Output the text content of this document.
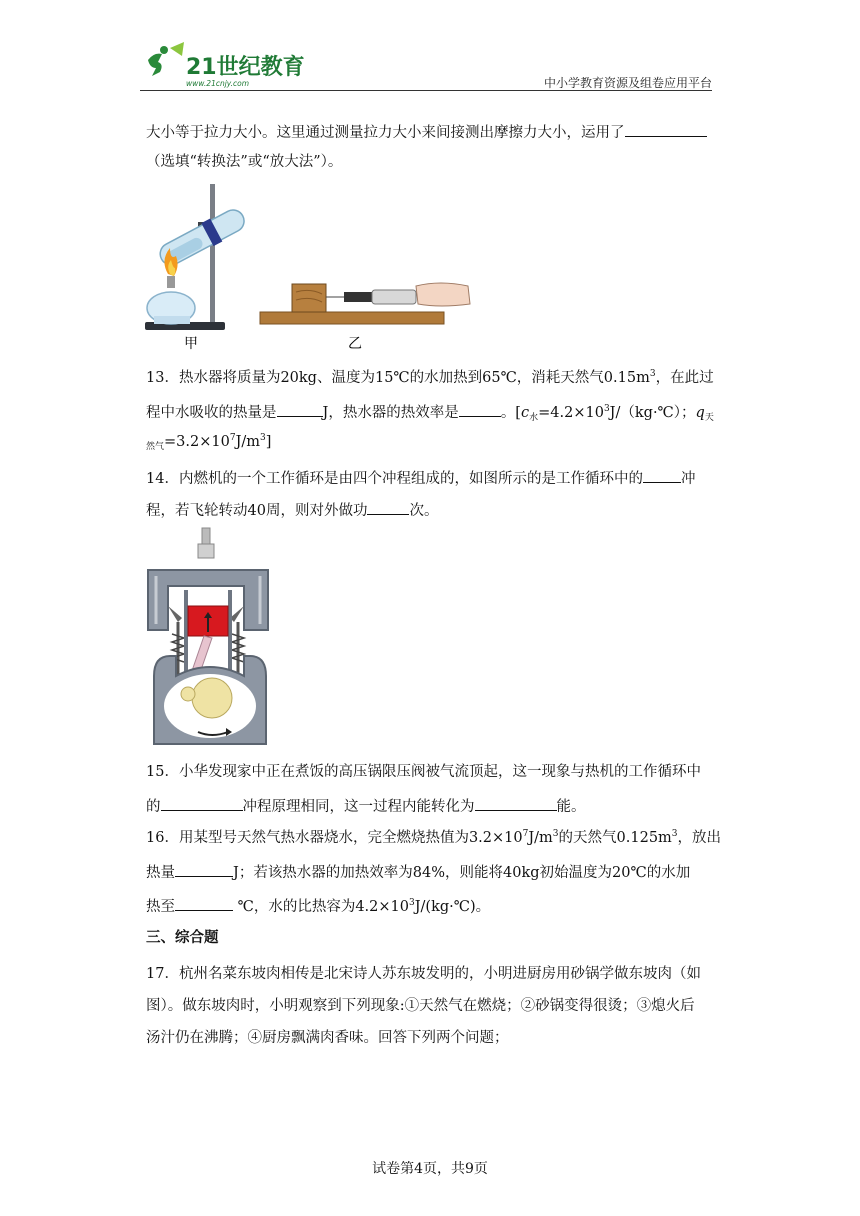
21世纪教育
www.21cnjy.com	中小学教育资源及组卷应用平台
大小等于拉力大小。这里通过测量拉力大小来间接测出摩擦力大小，运用了
（选填“转换法”或“放大法”）。
甲	乙
13．热水器将质量为20kg、温度为15℃的水加热到65℃，消耗天然气$0.15m^3$，在此过
程中水吸收的热量是	J，热水器的热效率是	。[$c_水=4.2\times 10^3J/(kg\cdot℃)$；$q_天$
$_{然气}=3.2\times 10^7J/m^3$]
14．内燃机的一个工作循环是由四个冲程组成的，如图所示的是工作循环中的	冲
程，若飞轮转动40周，则对外做功	次。
15．小华发现家中正在煮饭的高压锅限压阀被气流顶起，这一现象与热机的工作循环中
的	冲程原理相同，这一过程内能转化为	能。
16．用某型号天然气热水器烧水，完全燃烧热值为$3.2\times 10^7J/m^3$的天然气$0.125m^3$，放出
热量	J；若该热水器的加热效率为84%，则能将40kg初始温度为20℃的水加
热至	℃，水的比热容为$4.2\times 10^3J/(kg\cdot℃)$。
三、综合题
17．杭州名菜东坡肉相传是北宋诗人苏东坡发明的，小明进厨房用砂锅学做东坡肉（如
图）。做东坡肉时，小明观察到下列现象:①天然气在燃烧；②砂锅变得很烫；③熄火后
汤汁仍在沸腾；④厨房飘满肉香味。回答下列两个问题；
试卷第4页，共9页
